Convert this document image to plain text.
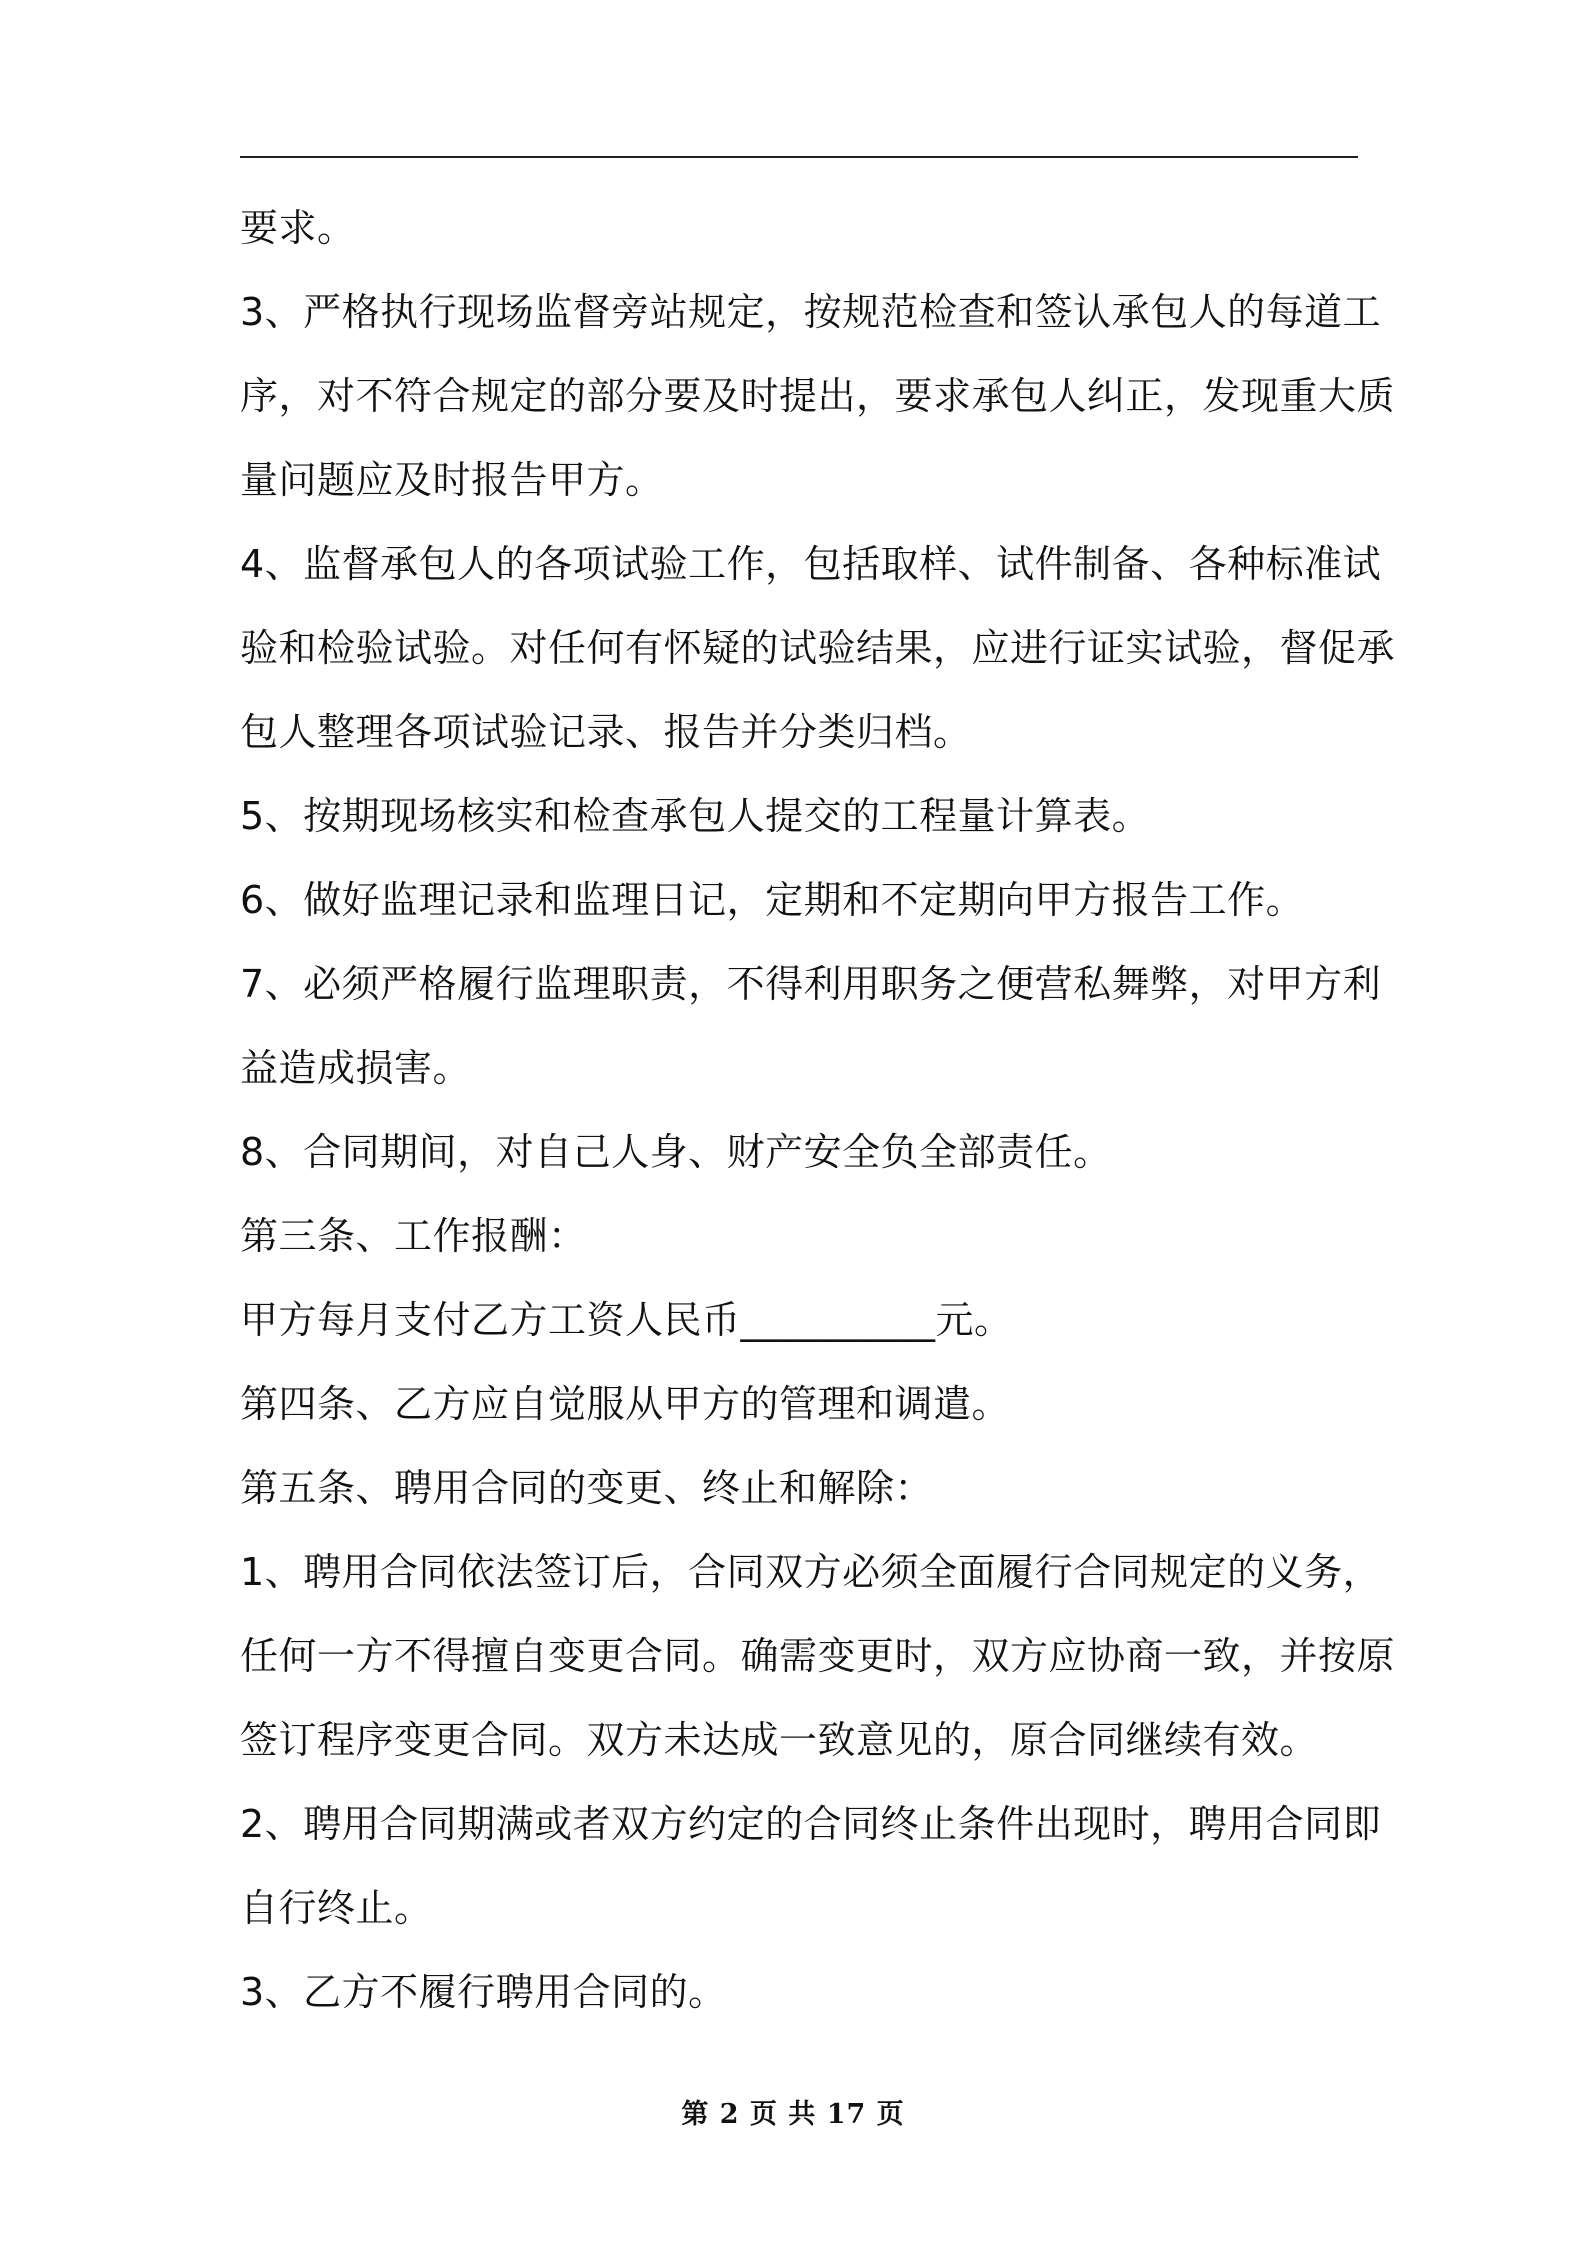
要求。
3、严格执行现场监督旁站规定，按规范检查和签认承包人的每道工
序，对不符合规定的部分要及时提出，要求承包人纠正，发现重大质
量问题应及时报告甲方。
4、监督承包人的各项试验工作，包括取样、试件制备、各种标准试
验和检验试验。对任何有怀疑的试验结果，应进行证实试验，督促承
包人整理各项试验记录、报告并分类归档。
5、按期现场核实和检查承包人提交的工程量计算表。
6、做好监理记录和监理日记，定期和不定期向甲方报告工作。
7、必须严格履行监理职责，不得利用职务之便营私舞弊，对甲方利
益造成损害。
8、合同期间，对自己人身、财产安全负全部责任。
第三条、工作报酬：
甲方每月支付乙方工资人民币__________元。
第四条、乙方应自觉服从甲方的管理和调遣。
第五条、聘用合同的变更、终止和解除：
1、聘用合同依法签订后，合同双方必须全面履行合同规定的义务，
任何一方不得擅自变更合同。确需变更时，双方应协商一致，并按原
签订程序变更合同。双方未达成一致意见的，原合同继续有效。
2、聘用合同期满或者双方约定的合同终止条件出现时，聘用合同即
自行终止。
3、乙方不履行聘用合同的。
第 2 页 共 17 页
